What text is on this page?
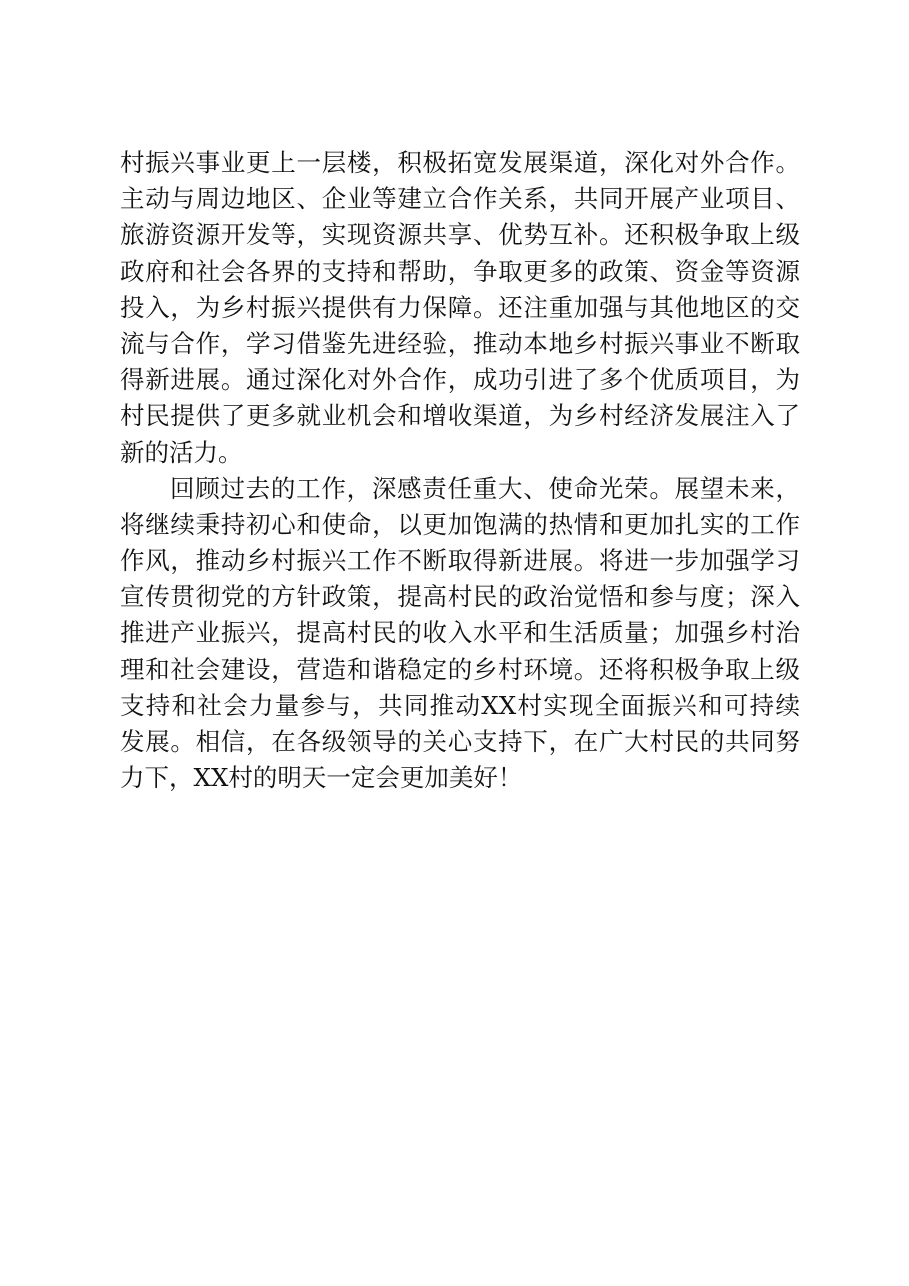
村振兴事业更上一层楼，积极拓宽发展渠道，深化对外合作。
主动与周边地区、企业等建立合作关系，共同开展产业项目、
旅游资源开发等，实现资源共享、优势互补。还积极争取上级
政府和社会各界的支持和帮助，争取更多的政策、资金等资源
投入，为乡村振兴提供有力保障。还注重加强与其他地区的交
流与合作，学习借鉴先进经验，推动本地乡村振兴事业不断取
得新进展。通过深化对外合作，成功引进了多个优质项目，为
村民提供了更多就业机会和增收渠道，为乡村经济发展注入了
新的活力。
回顾过去的工作，深感责任重大、使命光荣。展望未来，
将继续秉持初心和使命，以更加饱满的热情和更加扎实的工作
作风，推动乡村振兴工作不断取得新进展。将进一步加强学习
宣传贯彻党的方针政策，提高村民的政治觉悟和参与度；深入
推进产业振兴，提高村民的收入水平和生活质量；加强乡村治
理和社会建设，营造和谐稳定的乡村环境。还将积极争取上级
支持和社会力量参与，共同推动XX村实现全面振兴和可持续
发展。相信，在各级领导的关心支持下，在广大村民的共同努
力下，XX村的明天一定会更加美好！
